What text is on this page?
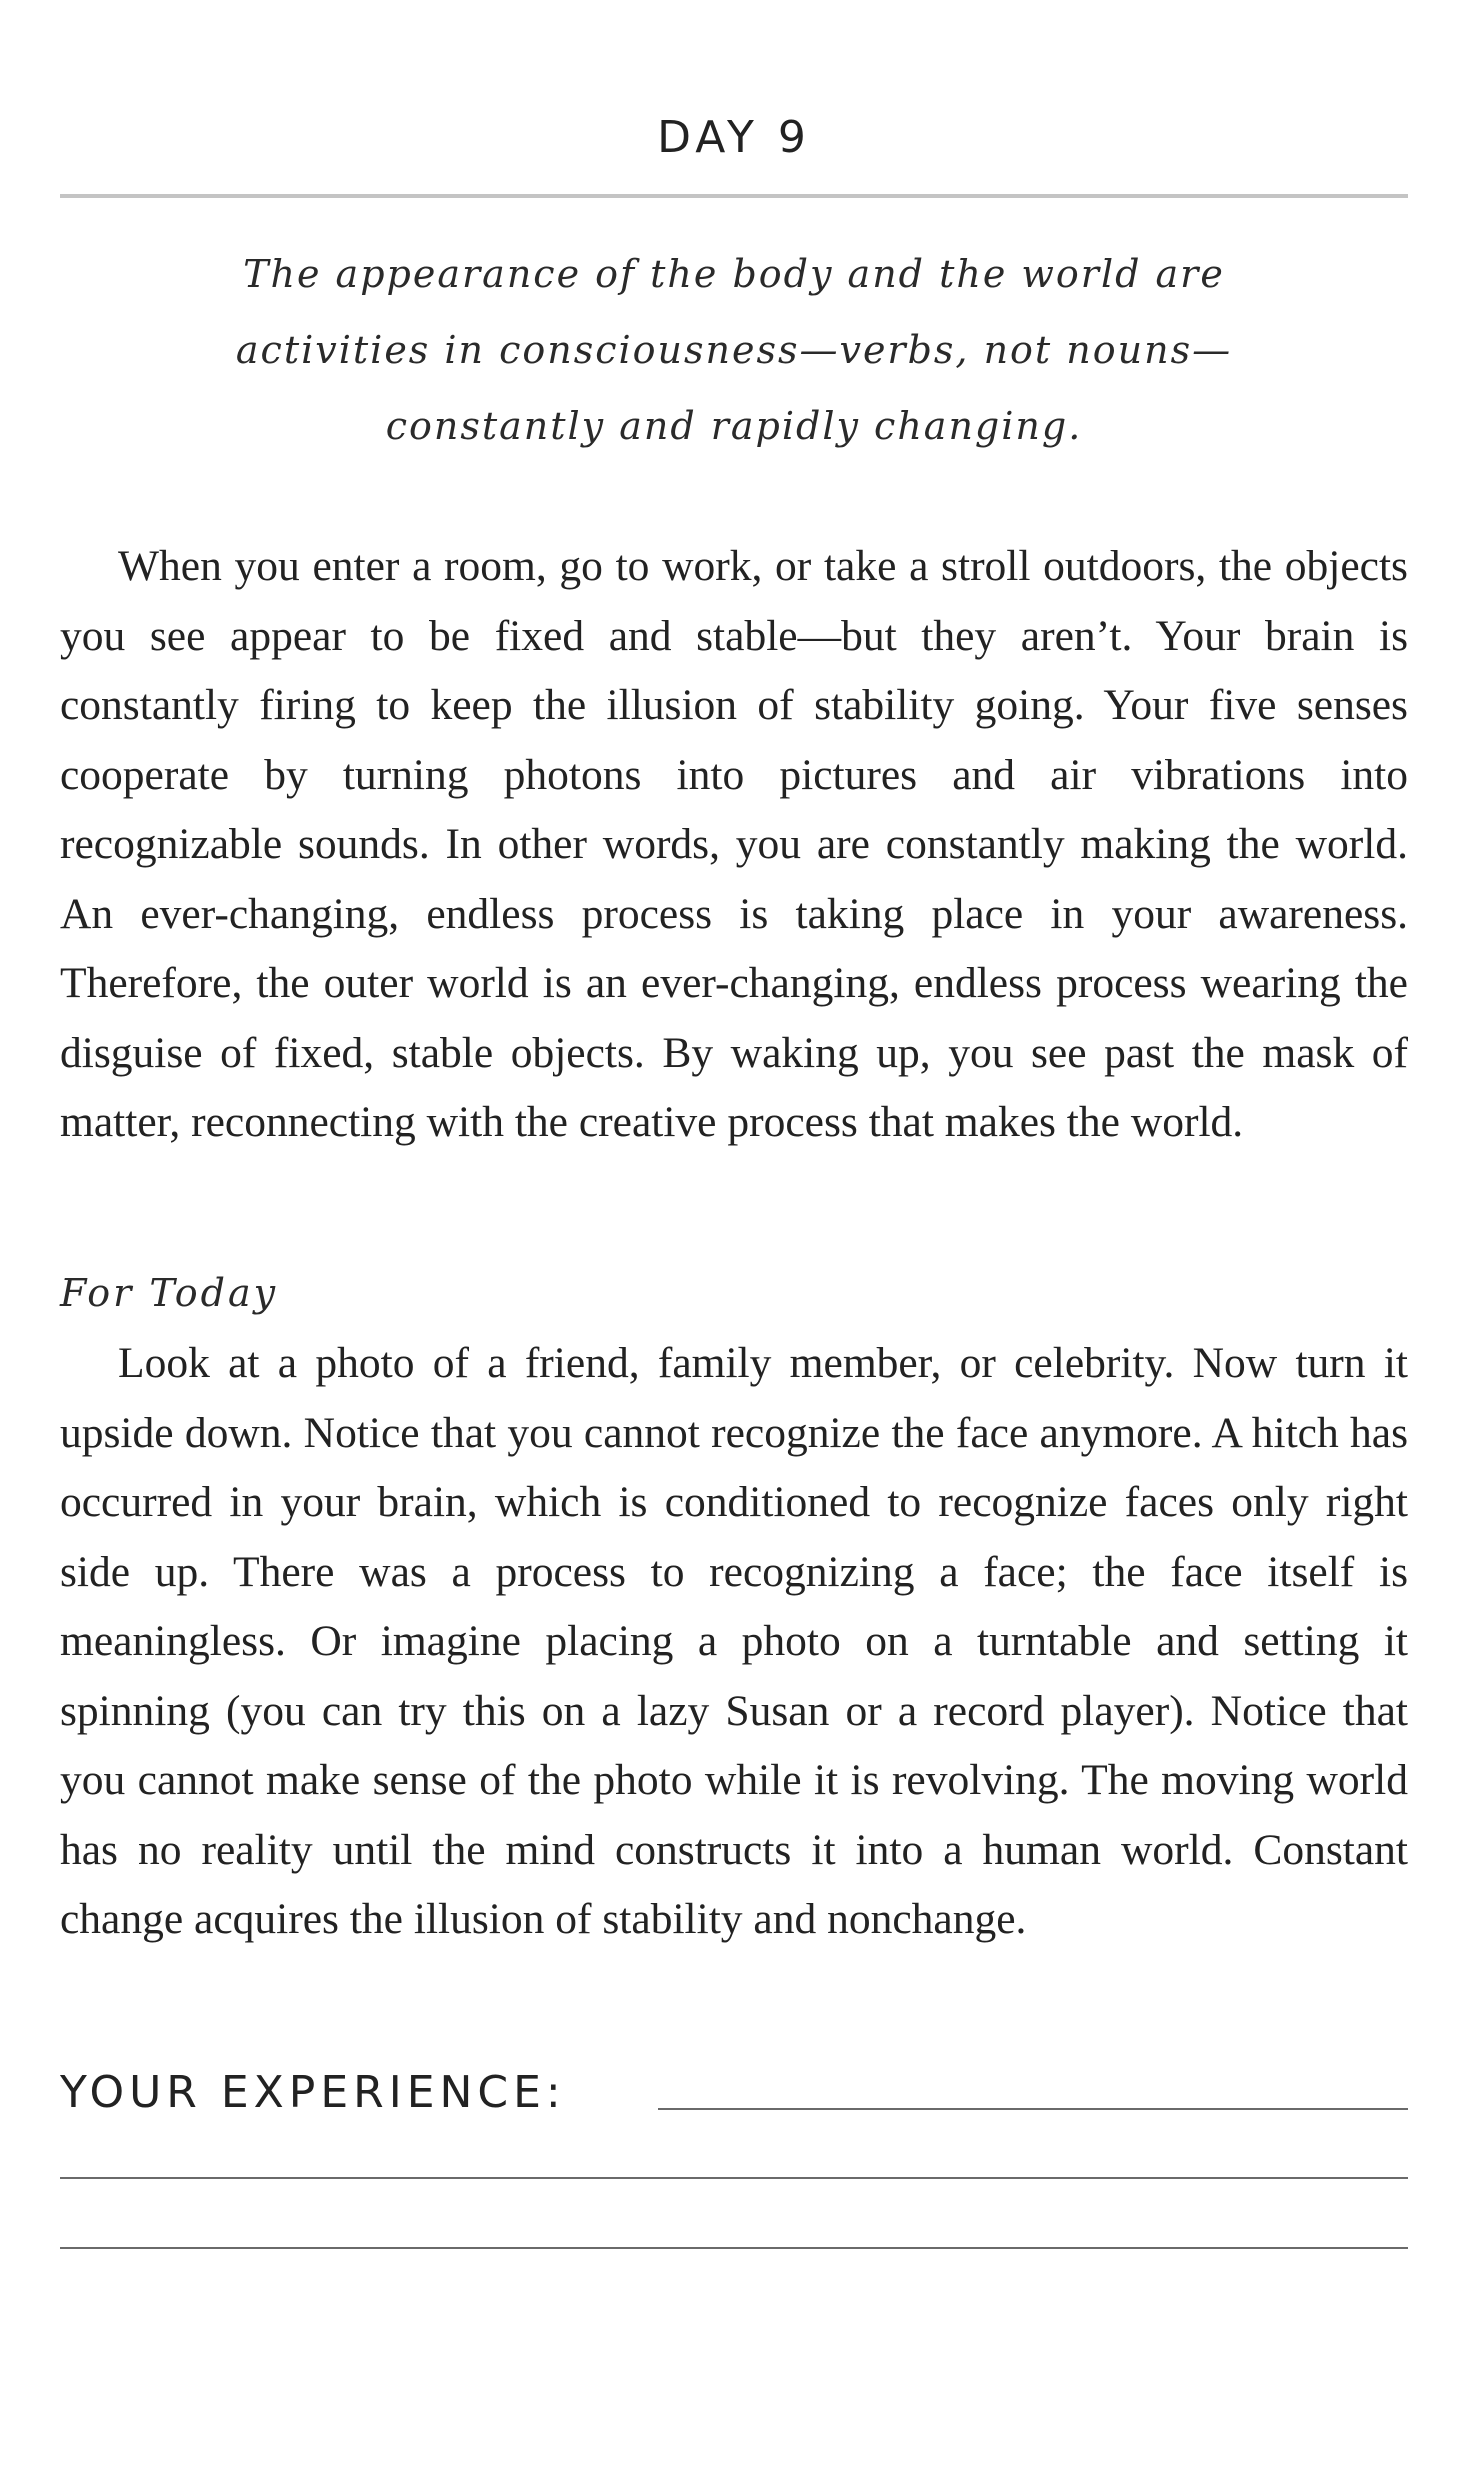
DAY 9
The appearance of the body and the world are
activities in consciousness—verbs, not nouns—
constantly and rapidly changing.

When you enter a room, go to work, or take a stroll outdoors, the objects you see appear to be fixed and stable—but they aren’t. Your brain is constantly firing to keep the illusion of stability going. Your five senses cooperate by turning photons into pictures and air vibrations into recognizable sounds. In other words, you are constantly making the world. An ever-changing, endless process is taking place in your awareness. Therefore, the outer world is an ever-changing, endless process wearing the disguise of fixed, stable objects. By waking up, you see past the mask of matter, reconnecting with the creative process that makes the world.

For Today

Look at a photo of a friend, family member, or celebrity. Now turn it upside down. Notice that you cannot recognize the face anymore. A hitch has occurred in your brain, which is conditioned to recognize faces only right side up. There was a process to recognizing a face; the face itself is meaningless. Or imagine placing a photo on a turntable and setting it spinning (you can try this on a lazy Susan or a record player). Notice that you cannot make sense of the photo while it is revolving. The moving world has no reality until the mind constructs it into a human world. Constant change acquires the illusion of stability and nonchange.

YOUR EXPERIENCE:
